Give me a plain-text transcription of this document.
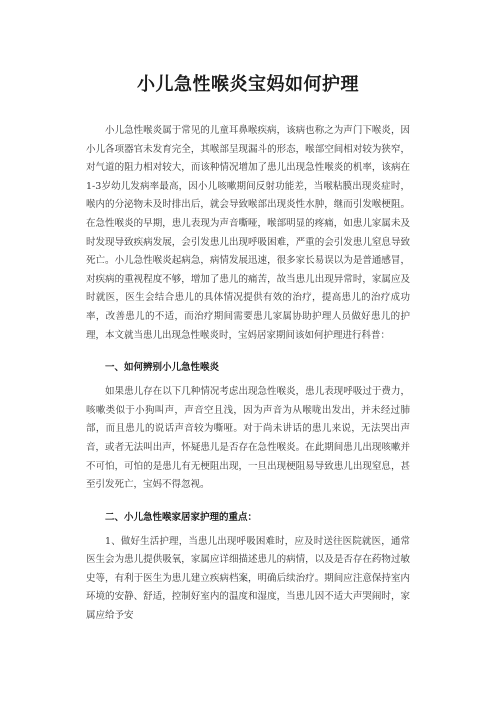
小儿急性喉炎宝妈如何护理

小儿急性喉炎属于常见的儿童耳鼻喉疾病，该病也称之为声门下喉炎，因小儿各项器官未发育完全，其喉部呈现漏斗的形态，喉部空间相对较为狭窄，对气道的阻力相对较大，而该种情况增加了患儿出现急性喉炎的机率，该病在1-3岁幼儿发病率最高，因小儿咳嗽期间反射功能差，当喉粘膜出现炎症时，喉内的分泌物未及时排出后，就会导致喉部出现炎性水肿，继而引发喉梗阻。在急性喉炎的早期，患儿表现为声音嘶哑，喉部明显的疼痛，如患儿家属未及时发现导致疾病发展，会引发患儿出现呼吸困难，严重的会引发患儿窒息导致死亡。小儿急性喉炎起病急，病情发展迅速，很多家长易误以为是普通感冒，对疾病的重视程度不够，增加了患儿的痛苦，故当患儿出现异常时，家属应及时就医，医生会结合患儿的具体情况提供有效的治疗，提高患儿的治疗成功率，改善患儿的不适，而治疗期间需要患儿家属协助护理人员做好患儿的护理，本文就当患儿出现急性喉炎时，宝妈居家期间该如何护理进行科普：

一、如何辨别小儿急性喉炎

如果患儿存在以下几种情况考虑出现急性喉炎，患儿表现呼吸过于费力，咳嗽类似于小狗叫声，声音空且浅，因为声音为从喉咙出发出，并未经过肺部，而且患儿的说话声音较为嘶哑。对于尚未讲话的患儿来说，无法哭出声音，或者无法叫出声，怀疑患儿是否存在急性喉炎。在此期间患儿出现咳嗽并不可怕，可怕的是患儿有无梗阻出现，一旦出现梗阻易导致患儿出现窒息，甚至引发死亡，宝妈不得忽视。

二、小儿急性喉家居家护理的重点：

1、做好生活护理，当患儿出现呼吸困难时，应及时送往医院就医，通常医生会为患儿提供吸氧，家属应详细描述患儿的病情，以及是否存在药物过敏史等，有利于医生为患儿建立疾病档案，明确后续治疗。期间应注意保持室内环境的安静、舒适，控制好室内的温度和湿度，当患儿因不适大声哭闹时，家属应给予安
